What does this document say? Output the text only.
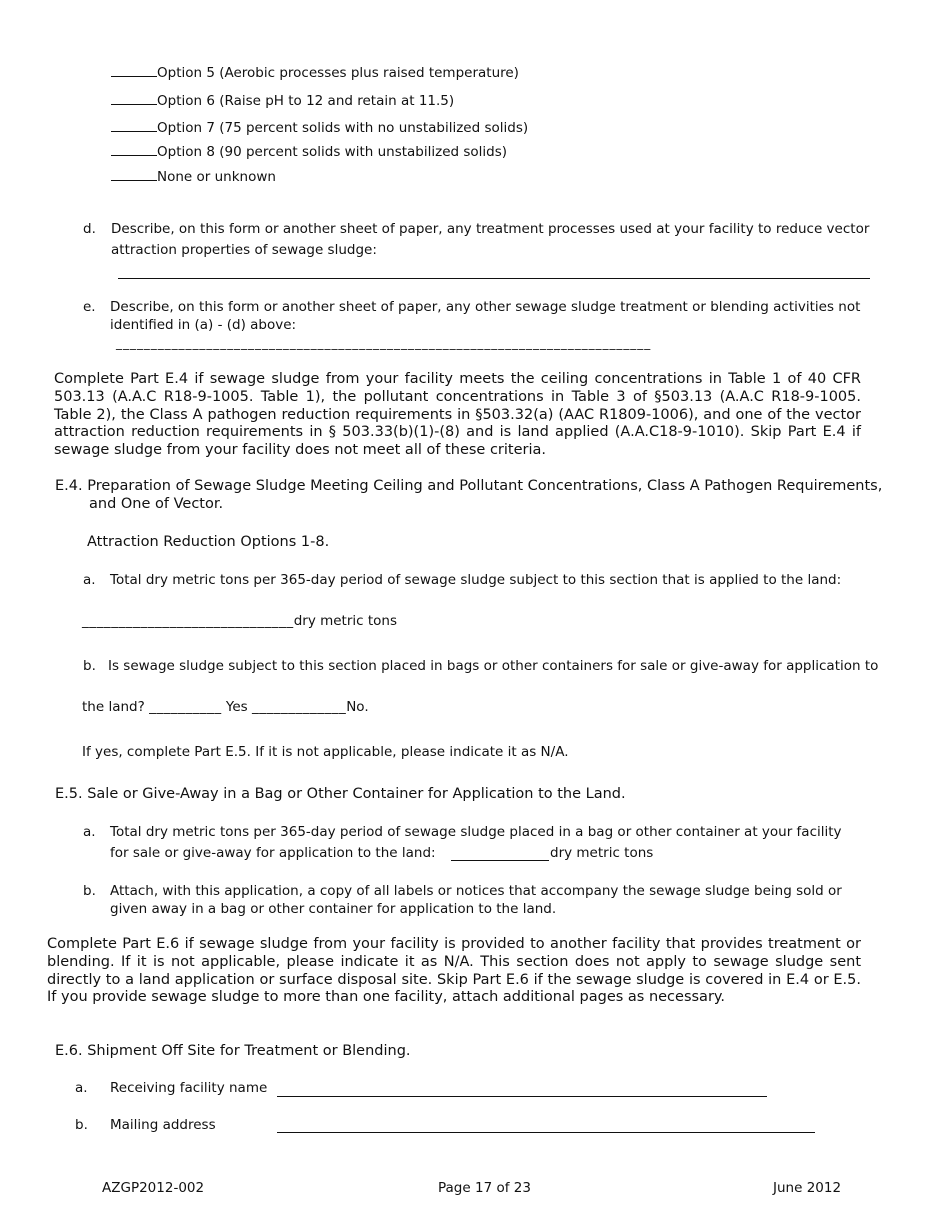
Option 5 (Aerobic processes plus raised temperature)
Option 6 (Raise pH to 12 and retain at 11.5)
Option 7 (75 percent solids with no unstabilized solids)
Option 8 (90 percent solids with unstabilized solids)
None or unknown
d. Describe, on this form or another sheet of paper, any treatment processes used at your facility to reduce vector
attraction properties of sewage sludge:
e. Describe, on this form or another sheet of paper, any other sewage sludge treatment or blending activities not
identified in (a) - (d) above:
_____________________________________________________________________________
Complete Part E.4 if sewage sludge from your facility meets the ceiling concentrations in Table 1 of 40 CFR 503.13 (A.A.C R18-9-1005. Table 1), the pollutant concentrations in Table 3 of §503.13 (A.A.C R18-9-1005. Table 2), the Class A pathogen reduction requirements in §503.32(a) (AAC R1809-1006), and one of the vector attraction reduction requirements in § 503.33(b)(1)-(8) and is land applied (A.A.C18-9-1010). Skip Part E.4 if sewage sludge from your facility does not meet all of these criteria.
E.4. Preparation of Sewage Sludge Meeting Ceiling and Pollutant Concentrations, Class A Pathogen Requirements,
and One of Vector.
Attraction Reduction Options 1-8.
a. Total dry metric tons per 365-day period of sewage sludge subject to this section that is applied to the land:
_____________________________dry metric tons
b. Is sewage sludge subject to this section placed in bags or other containers for sale or give-away for application to
the land? __________ Yes _____________No.
If yes, complete Part E.5. If it is not applicable, please indicate it as N/A.
E.5. Sale or Give-Away in a Bag or Other Container for Application to the Land.
a. Total dry metric tons per 365-day period of sewage sludge placed in a bag or other container at your facility
for sale or give-away for application to the land:	dry metric tons
b. Attach, with this application, a copy of all labels or notices that accompany the sewage sludge being sold or
given away in a bag or other container for application to the land.
Complete Part E.6 if sewage sludge from your facility is provided to another facility that provides treatment or blending. If it is not applicable, please indicate it as N/A. This section does not apply to sewage sludge sent directly to a land application or surface disposal site. Skip Part E.6 if the sewage sludge is covered in E.4 or E.5. If you provide sewage sludge to more than one facility, attach additional pages as necessary.
E.6. Shipment Off Site for Treatment or Blending.
a. Receiving facility name
b. Mailing address
AZGP2012-002	Page 17 of 23	June 2012
